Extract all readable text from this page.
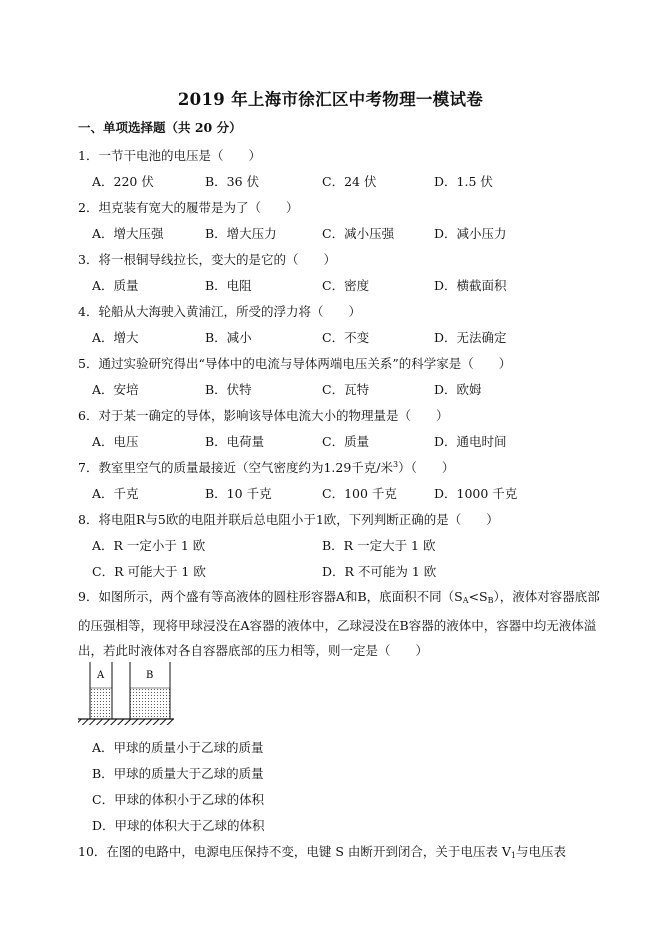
2019 年上海市徐汇区中考物理一模试卷
一、单项选择题（共 20 分）
1．一节干电池的电压是（　　）
A．220 伏	B．36 伏	C．24 伏	D．1.5 伏
2．坦克装有宽大的履带是为了（　　）
A．增大压强	B．增大压力	C．减小压强	D．减小压力
3．将一根铜导线拉长，变大的是它的（　　）
A．质量	B．电阻	C．密度	D．横截面积
4．轮船从大海驶入黄浦江，所受的浮力将（　　）
A．增大	B．减小	C．不变	D．无法确定
5．通过实验研究得出“导体中的电流与导体两端电压关系”的科学家是（　　）
A．安培	B．伏特	C．瓦特	D．欧姆
6．对于某一确定的导体，影响该导体电流大小的物理量是（　　）
A．电压	B．电荷量	C．质量	D．通电时间
7．教室里空气的质量最接近（空气密度约为1.29千克/米$^3$）（　　）
A．千克	B．10 千克	C．100 千克	D．1000 千克
8．将电阻R与5欧的电阻并联后总电阻小于1欧，下列判断正确的是（　　）
A．R 一定小于 1 欧	B．R 一定大于 1 欧
C．R 可能大于 1 欧	D．R 不可能为 1 欧
9．如图所示，两个盛有等高液体的圆柱形容器A和B，底面积不同$(S_A<S_B)$，液体对容器底部的压强相等，现将甲球浸没在A容器的液体中，乙球浸没在B容器的液体中，容器中均无液体溢出，若此时液体对各自容器底部的压力相等，则一定是（　　）
A	B
A．甲球的质量小于乙球的质量
B．甲球的质量大于乙球的质量
C．甲球的体积小于乙球的体积
D．甲球的体积大于乙球的体积
10．在图的电路中，电源电压保持不变，电键 S 由断开到闭合，关于电压表 $V_1$与电压表
